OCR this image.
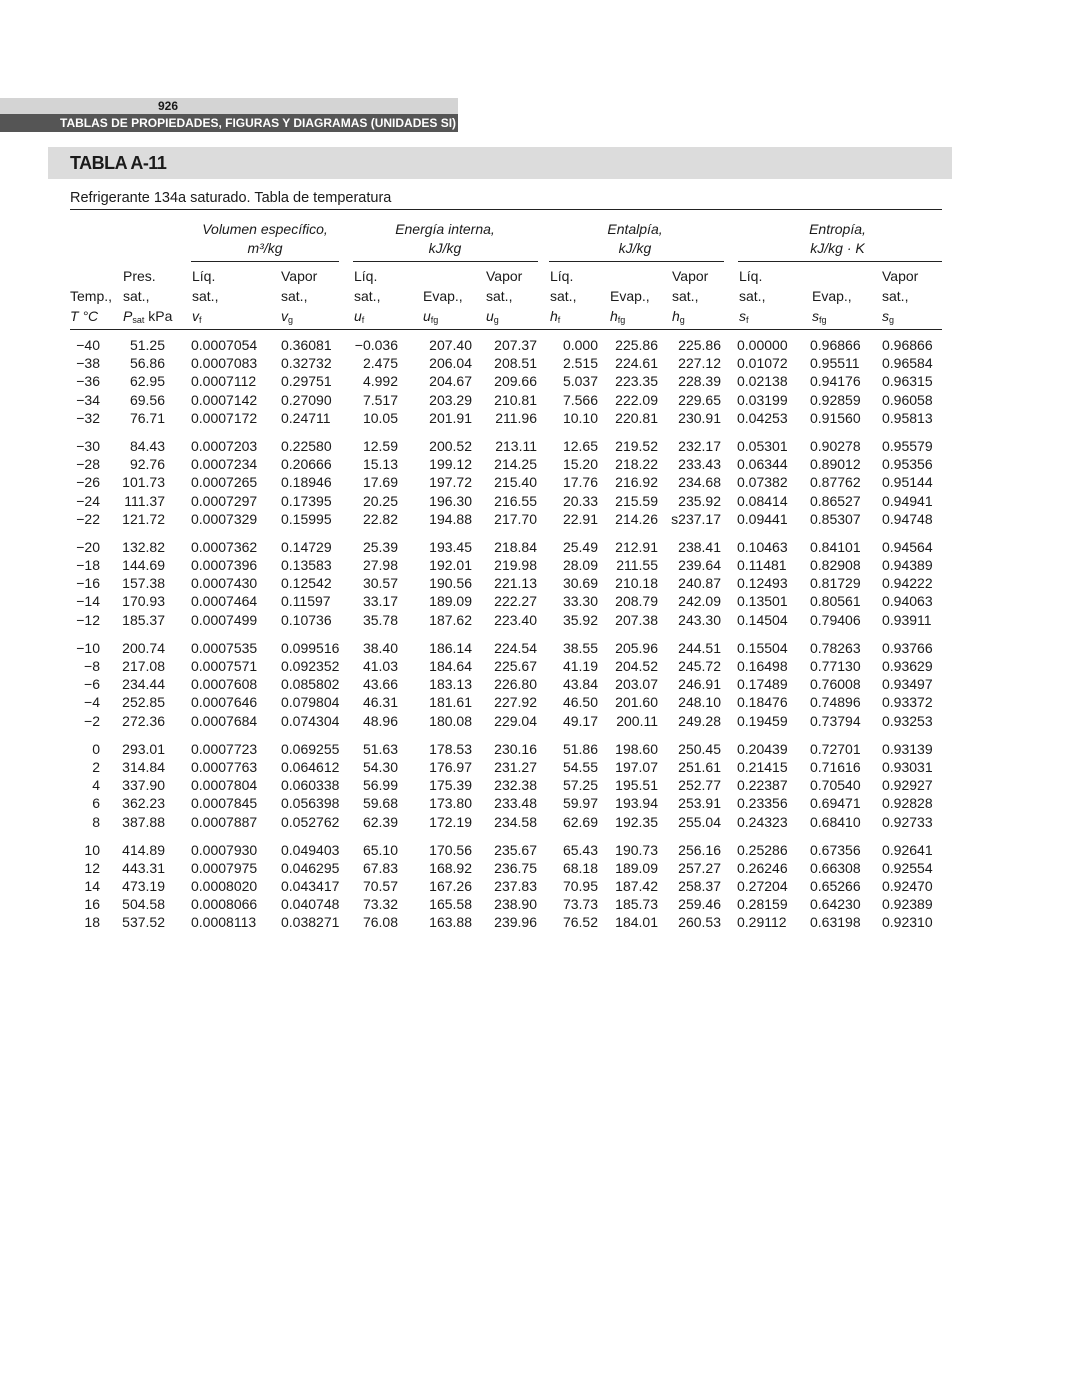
926
TABLAS DE PROPIEDADES, FIGURAS Y DIAGRAMAS (UNIDADES SI)
TABLA A-11
Refrigerante 134a saturado. Tabla de temperatura
Volumen específico,
m³/kg
Energía interna,
kJ/kg
Entalpía,
kJ/kg
Entropía,
kJ/kg · K

Temp.,
T °C
Pres.
sat.,
$P_{sat}$ kPa
Líq.
sat.,
$v_f$
Vapor
sat.,
$v_g$
Líq.
sat.,
$u_f$

Evap.,
$u_{fg}$
Vapor
sat.,
$u_g$
Líq.
sat.,
$h_f$

Evap.,
$h_{fg}$
Vapor
sat.,
$h_g$
Líq.
sat.,
$s_f$

Evap.,
$s_{fg}$
Vapor
sat.,
$s_g$
−40 51.25 0.0007054 0.36081 −0.036 207.40 207.37 0.000 225.86 225.86 0.00000 0.96866 0.96866
−38 56.86 0.0007083 0.32732 2.475 206.04 208.51 2.515 224.61 227.12 0.01072 0.95511 0.96584
−36 62.95 0.0007112 0.29751 4.992 204.67 209.66 5.037 223.35 228.39 0.02138 0.94176 0.96315
−34 69.56 0.0007142 0.27090 7.517 203.29 210.81 7.566 222.09 229.65 0.03199 0.92859 0.96058
−32 76.71 0.0007172 0.24711 10.05 201.91 211.96 10.10 220.81 230.91 0.04253 0.91560 0.95813
−30 84.43 0.0007203 0.22580 12.59 200.52 213.11 12.65 219.52 232.17 0.05301 0.90278 0.95579
−28 92.76 0.0007234 0.20666 15.13 199.12 214.25 15.20 218.22 233.43 0.06344 0.89012 0.95356
−26 101.73 0.0007265 0.18946 17.69 197.72 215.40 17.76 216.92 234.68 0.07382 0.87762 0.95144
−24 111.37 0.0007297 0.17395 20.25 196.30 216.55 20.33 215.59 235.92 0.08414 0.86527 0.94941
−22 121.72 0.0007329 0.15995 22.82 194.88 217.70 22.91 214.26 s237.17 0.09441 0.85307 0.94748
−20 132.82 0.0007362 0.14729 25.39 193.45 218.84 25.49 212.91 238.41 0.10463 0.84101 0.94564
−18 144.69 0.0007396 0.13583 27.98 192.01 219.98 28.09 211.55 239.64 0.11481 0.82908 0.94389
−16 157.38 0.0007430 0.12542 30.57 190.56 221.13 30.69 210.18 240.87 0.12493 0.81729 0.94222
−14 170.93 0.0007464 0.11597 33.17 189.09 222.27 33.30 208.79 242.09 0.13501 0.80561 0.94063
−12 185.37 0.0007499 0.10736 35.78 187.62 223.40 35.92 207.38 243.30 0.14504 0.79406 0.93911
−10 200.74 0.0007535 0.099516 38.40 186.14 224.54 38.55 205.96 244.51 0.15504 0.78263 0.93766
−8 217.08 0.0007571 0.092352 41.03 184.64 225.67 41.19 204.52 245.72 0.16498 0.77130 0.93629
−6 234.44 0.0007608 0.085802 43.66 183.13 226.80 43.84 203.07 246.91 0.17489 0.76008 0.93497
−4 252.85 0.0007646 0.079804 46.31 181.61 227.92 46.50 201.60 248.10 0.18476 0.74896 0.93372
−2 272.36 0.0007684 0.074304 48.96 180.08 229.04 49.17 200.11 249.28 0.19459 0.73794 0.93253
0 293.01 0.0007723 0.069255 51.63 178.53 230.16 51.86 198.60 250.45 0.20439 0.72701 0.93139
2 314.84 0.0007763 0.064612 54.30 176.97 231.27 54.55 197.07 251.61 0.21415 0.71616 0.93031
4 337.90 0.0007804 0.060338 56.99 175.39 232.38 57.25 195.51 252.77 0.22387 0.70540 0.92927
6 362.23 0.0007845 0.056398 59.68 173.80 233.48 59.97 193.94 253.91 0.23356 0.69471 0.92828
8 387.88 0.0007887 0.052762 62.39 172.19 234.58 62.69 192.35 255.04 0.24323 0.68410 0.92733
10 414.89 0.0007930 0.049403 65.10 170.56 235.67 65.43 190.73 256.16 0.25286 0.67356 0.92641
12 443.31 0.0007975 0.046295 67.83 168.92 236.75 68.18 189.09 257.27 0.26246 0.66308 0.92554
14 473.19 0.0008020 0.043417 70.57 167.26 237.83 70.95 187.42 258.37 0.27204 0.65266 0.92470
16 504.58 0.0008066 0.040748 73.32 165.58 238.90 73.73 185.73 259.46 0.28159 0.64230 0.92389
18 537.52 0.0008113 0.038271 76.08 163.88 239.96 76.52 184.01 260.53 0.29112 0.63198 0.92310
